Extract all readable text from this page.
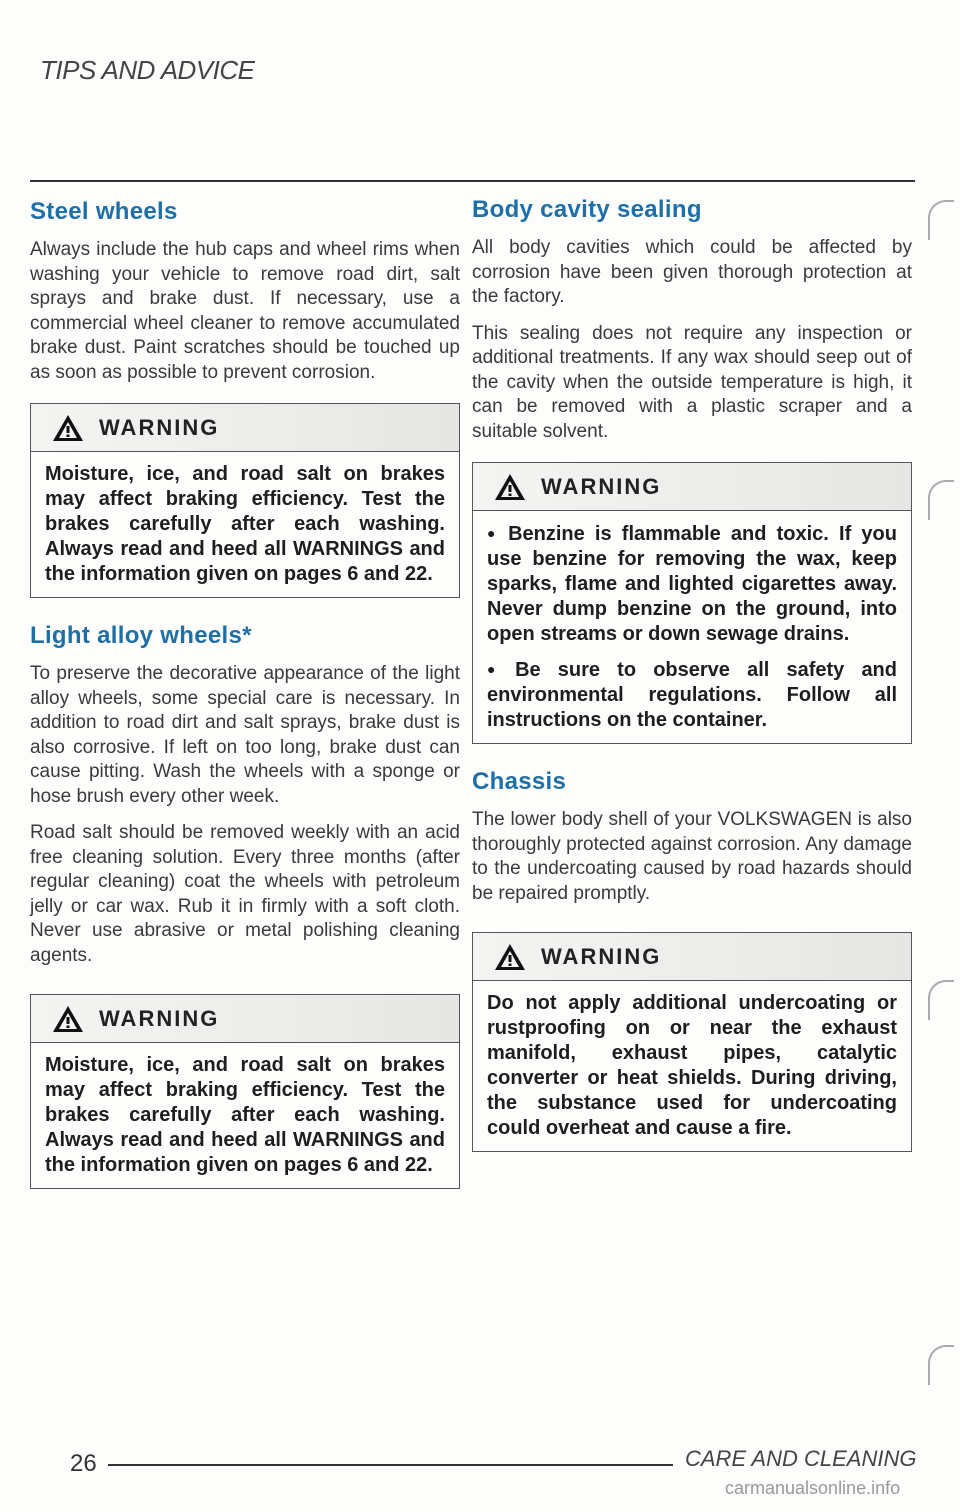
TIPS AND ADVICE
Steel wheels

Always include the hub caps and wheel rims when washing your vehicle to remove road dirt, salt sprays and brake dust. If necessary, use a commercial wheel cleaner to remove accumulated brake dust. Paint scratches should be touched up as soon as possible to prevent corrosion.

WARNING

Moisture, ice, and road salt on brakes may affect braking efficiency. Test the brakes carefully after each washing. Always read and heed all WARNINGS and the information given on pages 6 and 22.

Light alloy wheels*

To preserve the decorative appearance of the light alloy wheels, some special care is necessary. In addition to road dirt and salt sprays, brake dust is also corrosive. If left on too long, brake dust can cause pitting. Wash the wheels with a sponge or hose brush every other week.

Road salt should be removed weekly with an acid free cleaning solution. Every three months (after regular cleaning) coat the wheels with petroleum jelly or car wax. Rub it in firmly with a soft cloth. Never use abrasive or metal polishing cleaning agents.

WARNING

Moisture, ice, and road salt on brakes may affect braking efficiency. Test the brakes carefully after each washing. Always read and heed all WARNINGS and the information given on pages 6 and 22.

Body cavity sealing

All body cavities which could be affected by corrosion have been given thorough protection at the factory.

This sealing does not require any inspection or additional treatments. If any wax should seep out of the cavity when the outside temperature is high, it can be removed with a plastic scraper and a suitable solvent.

WARNING

● Benzine is flammable and toxic. If you use benzine for removing the wax, keep sparks, flame and lighted cigarettes away. Never dump benzine on the ground, into open streams or down sewage drains.

● Be sure to observe all safety and environmental regulations. Follow all instructions on the container.

Chassis

The lower body shell of your VOLKSWAGEN is also thoroughly protected against corrosion. Any damage to the undercoating caused by road hazards should be repaired promptly.

WARNING

Do not apply additional undercoating or rustproofing on or near the exhaust manifold, exhaust pipes, catalytic converter or heat shields. During driving, the substance used for undercoating could overheat and cause a fire.

26	CARE AND CLEANING
carmanualsonline.info
